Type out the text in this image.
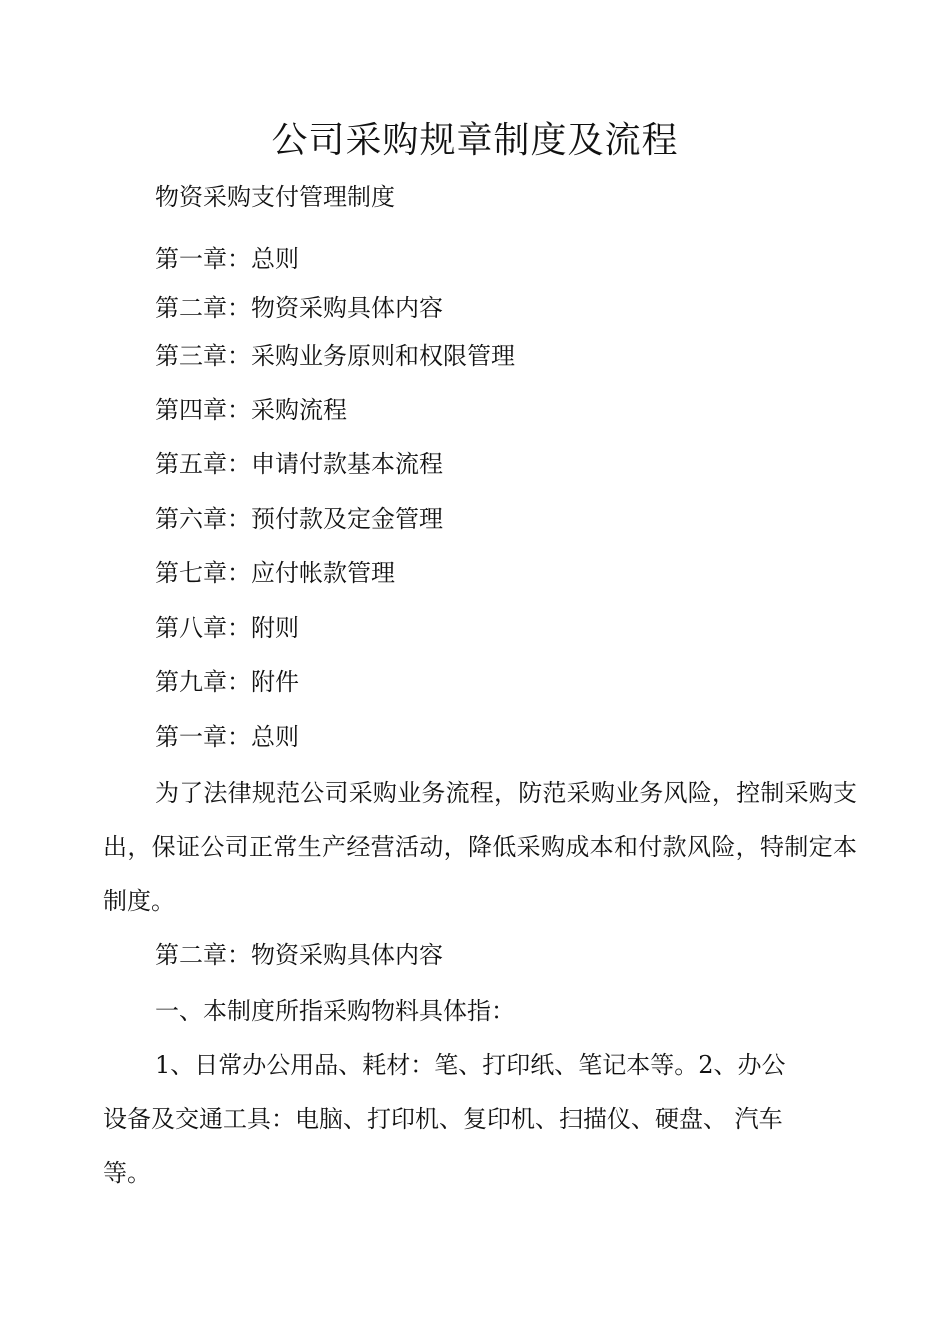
公司采购规章制度及流程
物资采购支付管理制度
第一章：总则
第二章：物资采购具体内容
第三章：采购业务原则和权限管理
第四章：采购流程
第五章：申请付款基本流程
第六章：预付款及定金管理
第七章：应付帐款管理
第八章：附则
第九章：附件
第一章：总则
为了法律规范公司采购业务流程，防范采购业务风险，控制采购支出，保证公司正常生产经营活动，降低采购成本和付款风险，特制定本制度。
第二章：物资采购具体内容
一、本制度所指采购物料具体指：
1、日常办公用品、耗材：笔、打印纸、笔记本等。2、办公设备及交通工具：电脑、打印机、复印机、扫描仪、硬盘、 汽车等。
